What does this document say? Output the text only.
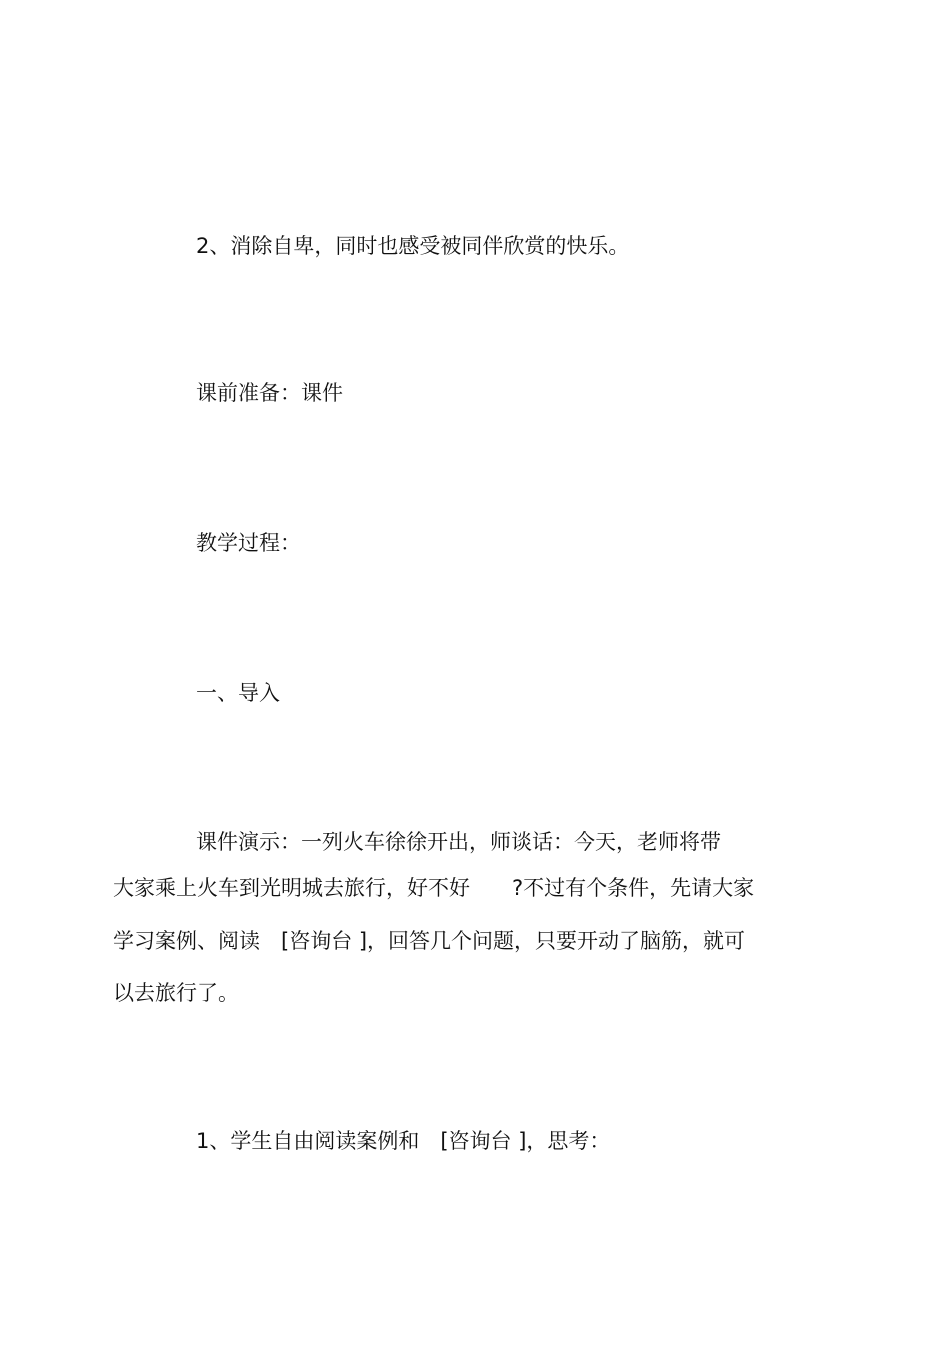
2、消除自卑，同时也感受被同伴欣赏的快乐。

课前准备：课件

教学过程：

一、导入

课件演示：一列火车徐徐开出，师谈话：今天，老师将带

大家乘上火车到光明城去旅行，好不好　　?不过有个条件，先请大家

学习案例、阅读　[咨询台 ]，回答几个问题，只要开动了脑筋，就可

以去旅行了。

1、学生自由阅读案例和　[咨询台 ]，思考：
